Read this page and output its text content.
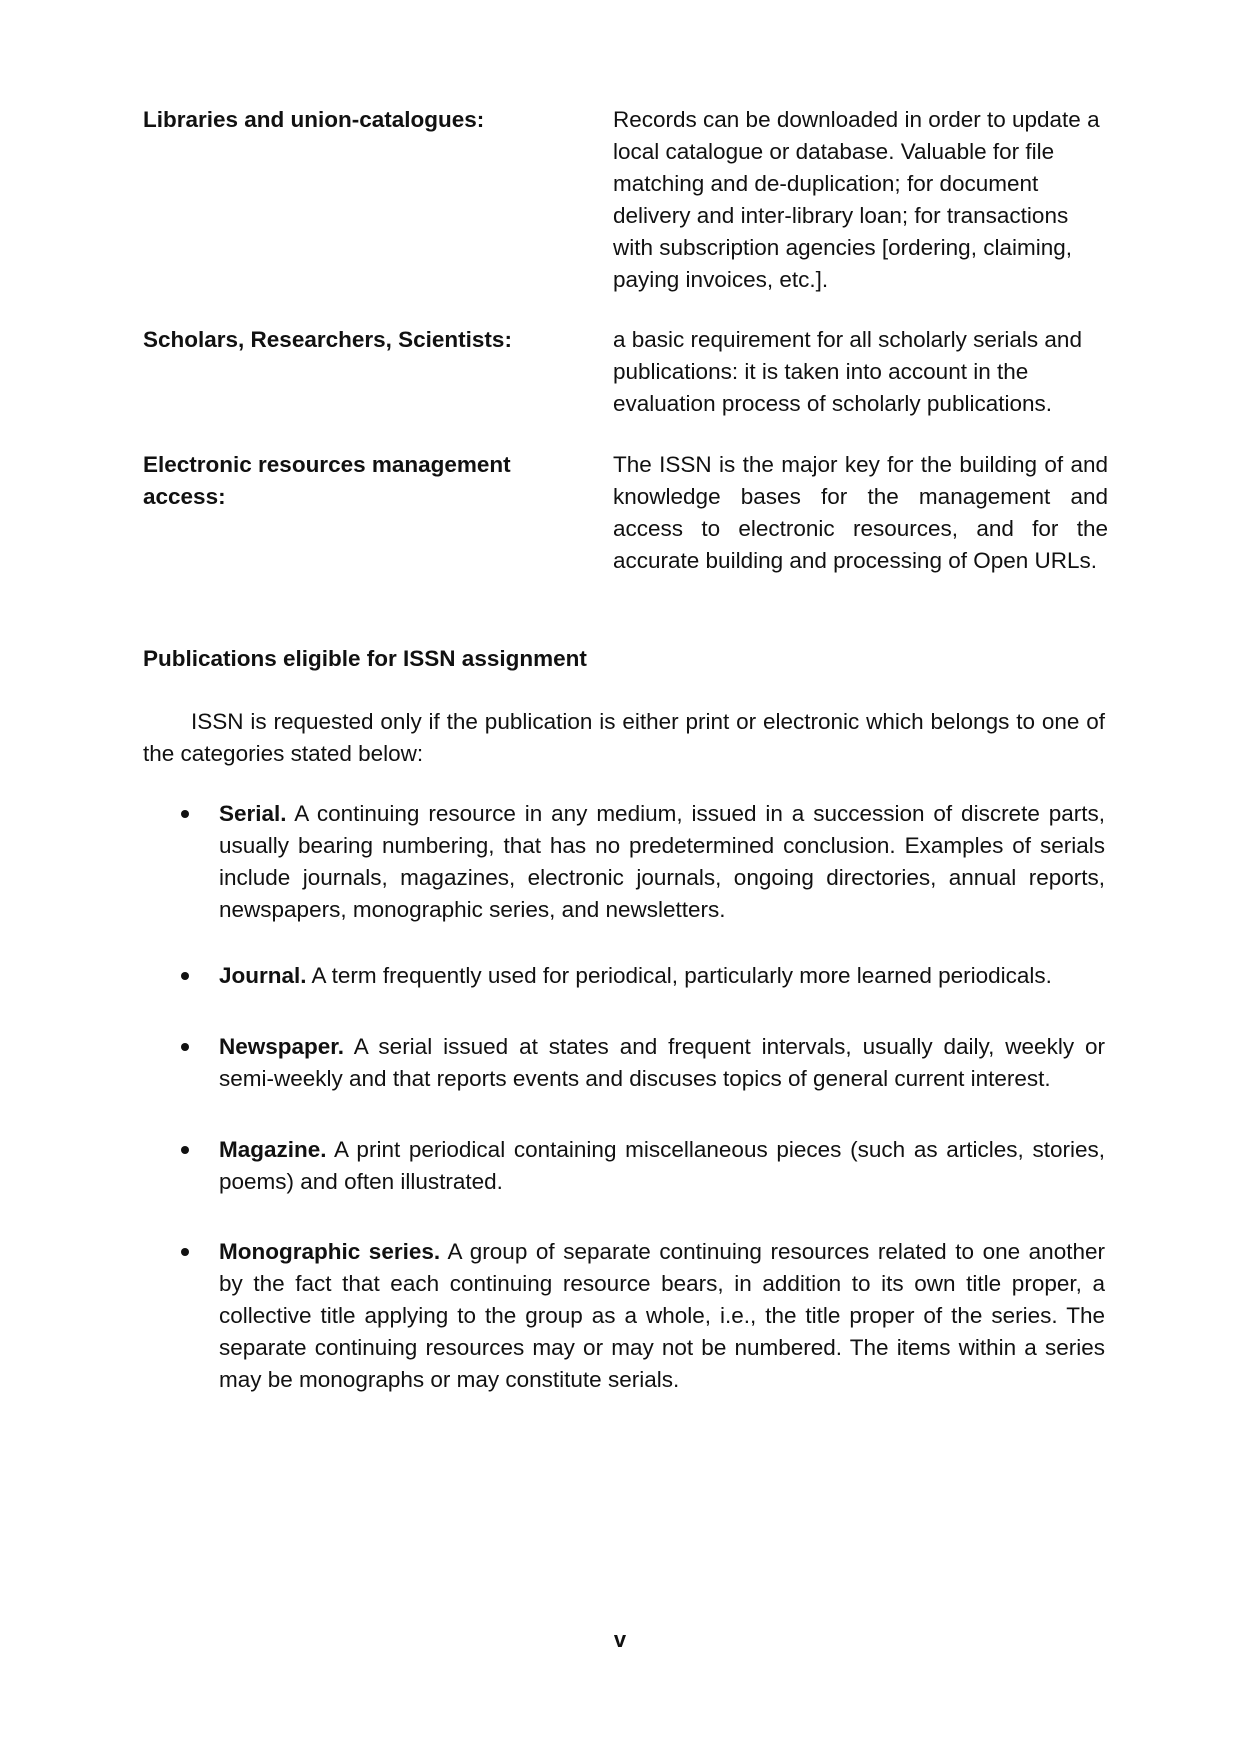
Libraries and union-catalogues:	Records can be downloaded in order to update a local catalogue or database. Valuable for file matching and de-duplication; for document delivery and inter-library loan; for transactions with subscription agencies [ordering, claiming, paying invoices, etc.].
Scholars, Researchers, Scientists:	a basic requirement for all scholarly serials and publications: it is taken into account in the evaluation process of scholarly publications.
Electronic resources management access:
The ISSN is the major key for the building of and knowledge bases for the management and access to electronic resources, and for the accurate building and processing of Open URLs.
Publications eligible for ISSN assignment

ISSN is requested only if the publication is either print or electronic which belongs to one of the categories stated below:

Serial. A continuing resource in any medium, issued in a succession of discrete parts, usually bearing numbering, that has no predetermined conclusion. Examples of serials include journals, magazines, electronic journals, ongoing directories, annual reports, newspapers, monographic series, and newsletters.
Journal. A term frequently used for periodical, particularly more learned periodicals.
Newspaper. A serial issued at states and frequent intervals, usually daily, weekly or semi-weekly and that reports events and discuses topics of general current interest.
Magazine. A print periodical containing miscellaneous pieces (such as articles, stories, poems) and often illustrated.
Monographic series. A group of separate continuing resources related to one another by the fact that each continuing resource bears, in addition to its own title proper, a collective title applying to the group as a whole, i.e., the title proper of the series. The separate continuing resources may or may not be numbered. The items within a series may be monographs or may constitute serials.
v
